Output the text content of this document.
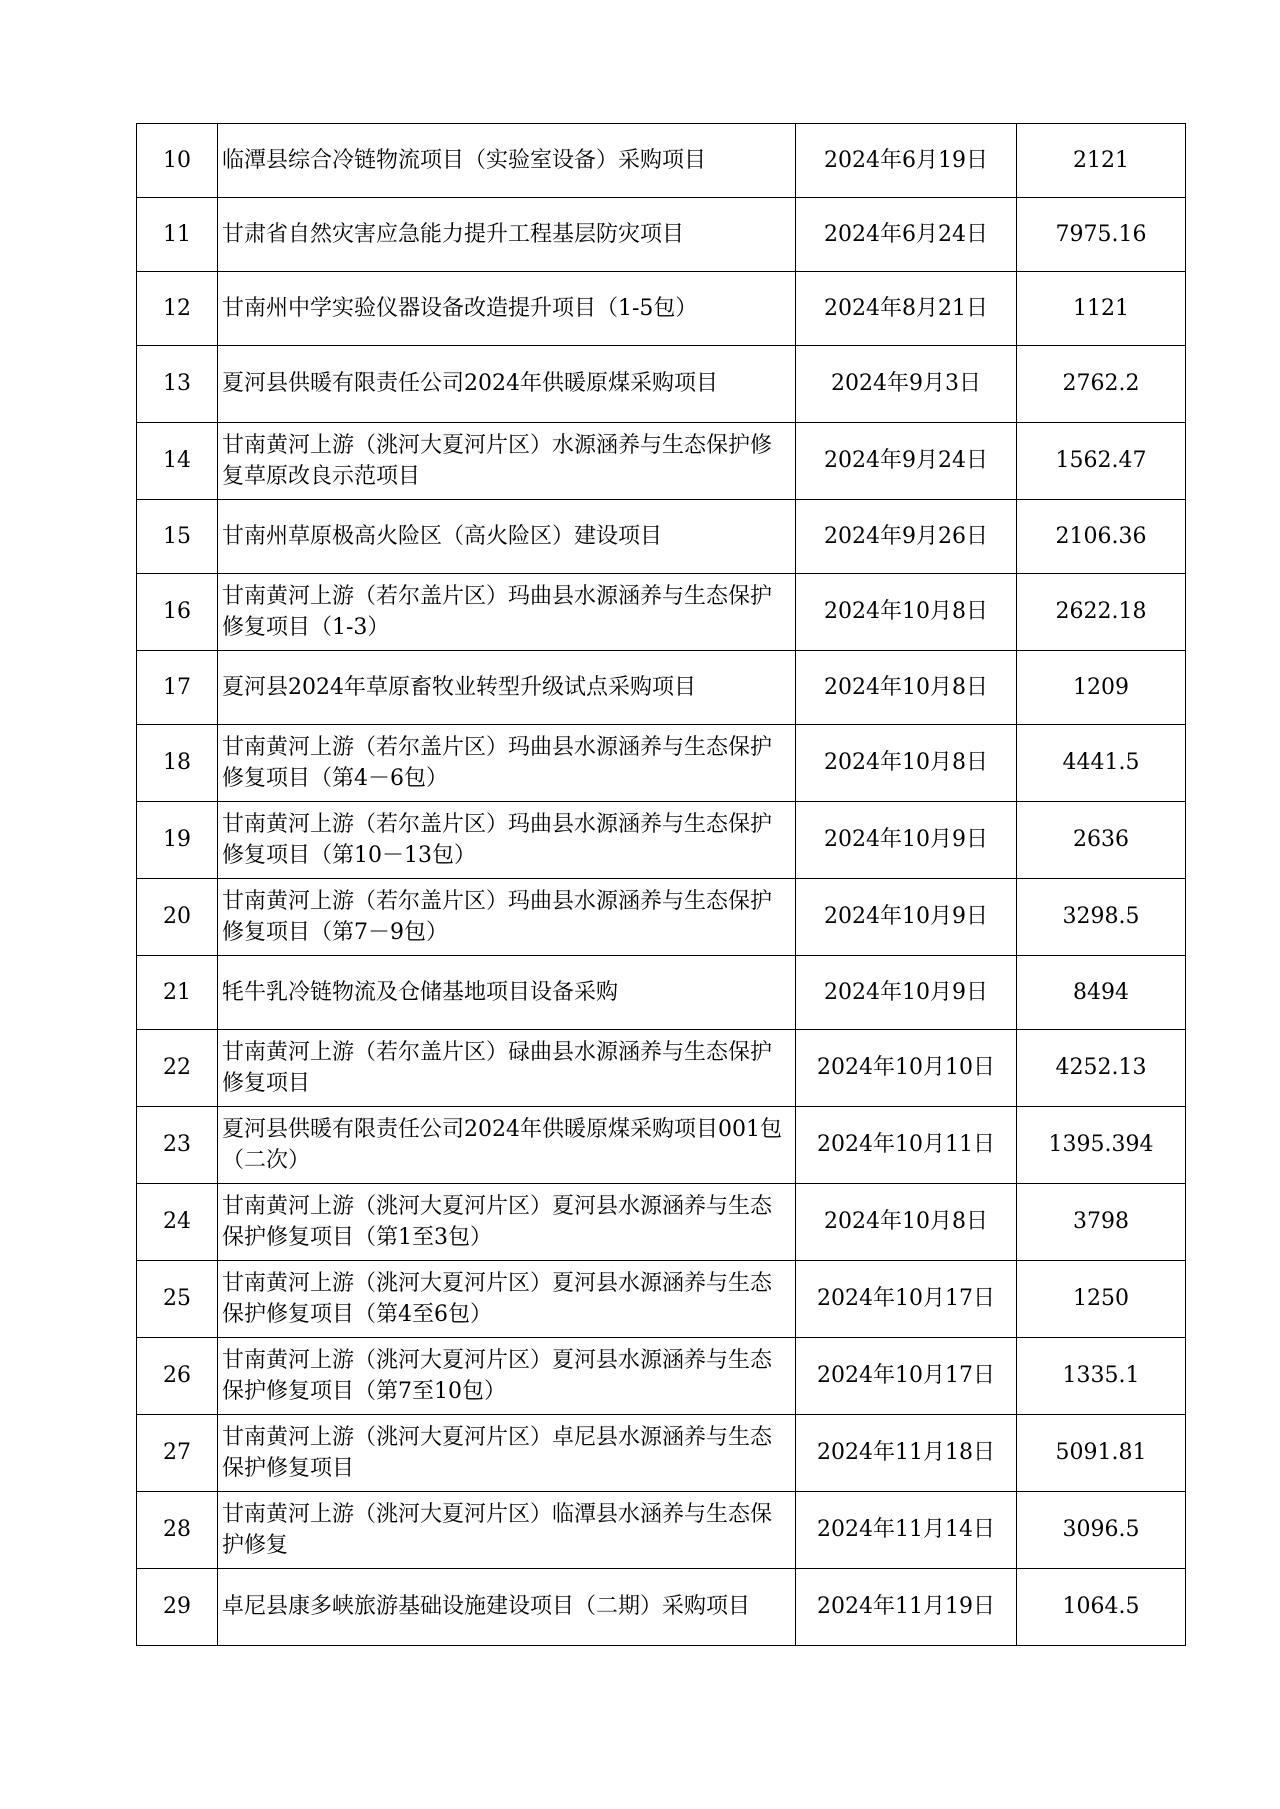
10	临潭县综合冷链物流项目（实验室设备）采购项目	2024年6月19日	2121
11	甘肃省自然灾害应急能力提升工程基层防灾项目	2024年6月24日	7975.16
12	甘南州中学实验仪器设备改造提升项目（1-5包）	2024年8月21日	1121
13	夏河县供暖有限责任公司2024年供暖原煤采购项目	2024年9月3日	2762.2
14	甘南黄河上游（洮河大夏河片区）水源涵养与生态保护修复草原改良示范项目	2024年9月24日	1562.47
15	甘南州草原极高火险区（高火险区）建设项目	2024年9月26日	2106.36
16	甘南黄河上游（若尔盖片区）玛曲县水源涵养与生态保护修复项目（1-3）	2024年10月8日	2622.18
17	夏河县2024年草原畜牧业转型升级试点采购项目	2024年10月8日	1209
18	甘南黄河上游（若尔盖片区）玛曲县水源涵养与生态保护修复项目（第4－6包）	2024年10月8日	4441.5
19	甘南黄河上游（若尔盖片区）玛曲县水源涵养与生态保护修复项目（第10－13包）	2024年10月9日	2636
20	甘南黄河上游（若尔盖片区）玛曲县水源涵养与生态保护修复项目（第7－9包）	2024年10月9日	3298.5
21	牦牛乳冷链物流及仓储基地项目设备采购	2024年10月9日	8494
22	甘南黄河上游（若尔盖片区）碌曲县水源涵养与生态保护修复项目	2024年10月10日	4252.13
23	夏河县供暖有限责任公司2024年供暖原煤采购项目001包（二次）	2024年10月11日	1395.394
24	甘南黄河上游（洮河大夏河片区）夏河县水源涵养与生态保护修复项目（第1至3包）	2024年10月8日	3798
25	甘南黄河上游（洮河大夏河片区）夏河县水源涵养与生态保护修复项目（第4至6包）	2024年10月17日	1250
26	甘南黄河上游（洮河大夏河片区）夏河县水源涵养与生态保护修复项目（第7至10包）	2024年10月17日	1335.1
27	甘南黄河上游（洮河大夏河片区）卓尼县水源涵养与生态保护修复项目	2024年11月18日	5091.81
28	甘南黄河上游（洮河大夏河片区）临潭县水涵养与生态保护修复	2024年11月14日	3096.5
29	卓尼县康多峡旅游基础设施建设项目（二期）采购项目	2024年11月19日	1064.5
